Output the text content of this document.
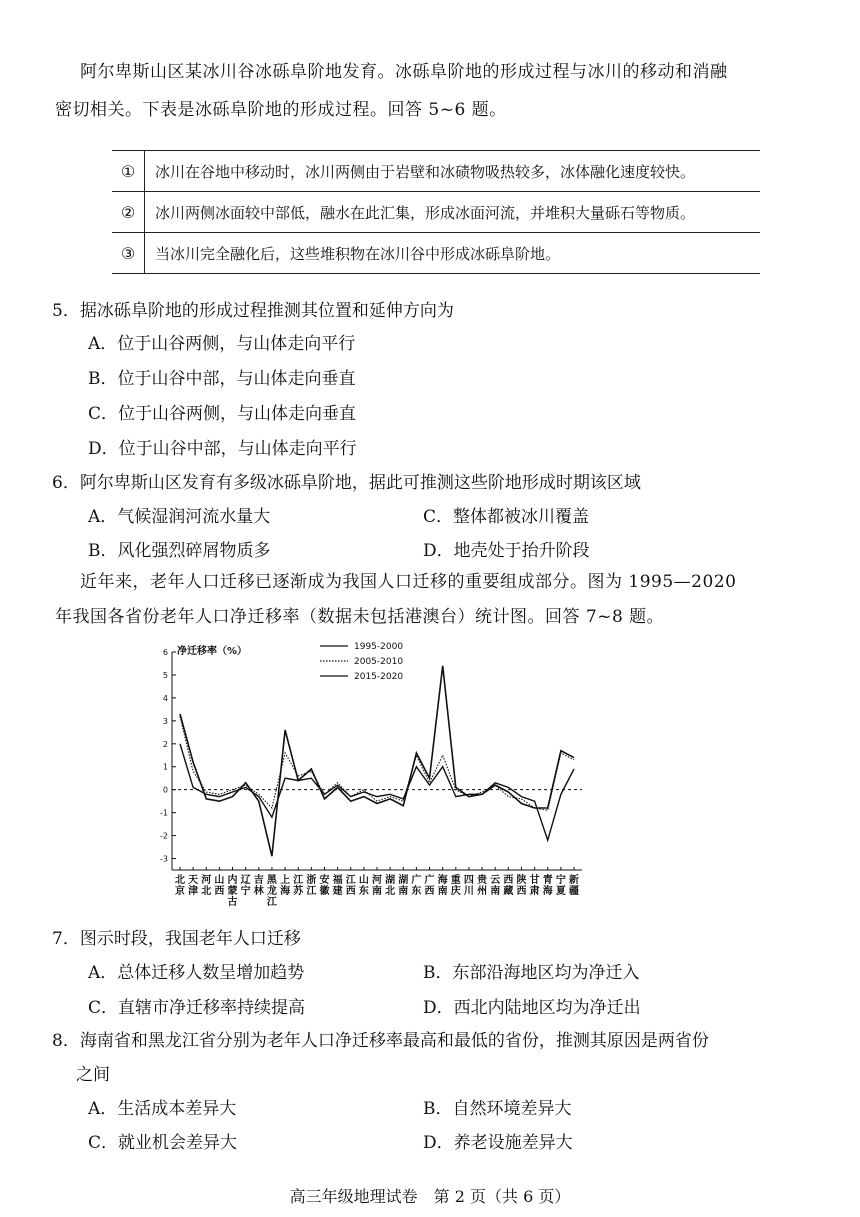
阿尔卑斯山区某冰川谷冰砾阜阶地发育。冰砾阜阶地的形成过程与冰川的移动和消融
密切相关。下表是冰砾阜阶地的形成过程。回答 5~6 题。
①	冰川在谷地中移动时，冰川两侧由于岩壁和冰碛物吸热较多，冰体融化速度较快。
②	冰川两侧冰面较中部低，融水在此汇集，形成冰面河流，并堆积大量砾石等物质。
③	当冰川完全融化后，这些堆积物在冰川谷中形成冰砾阜阶地。
5．据冰砾阜阶地的形成过程推测其位置和延伸方向为
A．位于山谷两侧，与山体走向平行
B．位于山谷中部，与山体走向垂直
C．位于山谷两侧，与山体走向垂直
D．位于山谷中部，与山体走向平行
6．阿尔卑斯山区发育有多级冰砾阜阶地，据此可推测这些阶地形成时期该区域
A．气候湿润河流水量大	C．整体都被冰川覆盖
B．风化强烈碎屑物质多	D．地壳处于抬升阶段
近年来，老年人口迁移已逐渐成为我国人口迁移的重要组成部分。图为 1995—2020
年我国各省份老年人口净迁移率（数据未包括港澳台）统计图。回答 7~8 题。
-3
-2
-1
0
1
2
3
4
5
6 净迁移率（%）	1995-2000
2005-2010
2015-2020
北京
天津
河北
山西
内蒙古
辽宁
吉林
黑龙江
上海
江苏
浙江
安徽
福建
江西
山东
河南
湖北
湖南
广东
广西
海南
重庆
四川
贵州
云南
西藏
陕西
甘肃
青海
宁夏
新疆
7．图示时段，我国老年人口迁移
A．总体迁移人数呈增加趋势	B．东部沿海地区均为净迁入
C．直辖市净迁移率持续提高	D．西北内陆地区均为净迁出
8．海南省和黑龙江省分别为老年人口净迁移率最高和最低的省份，推测其原因是两省份
之间
A．生活成本差异大	B．自然环境差异大
C．就业机会差异大	D．养老设施差异大
高三年级地理试卷　第 2 页（共 6 页）
